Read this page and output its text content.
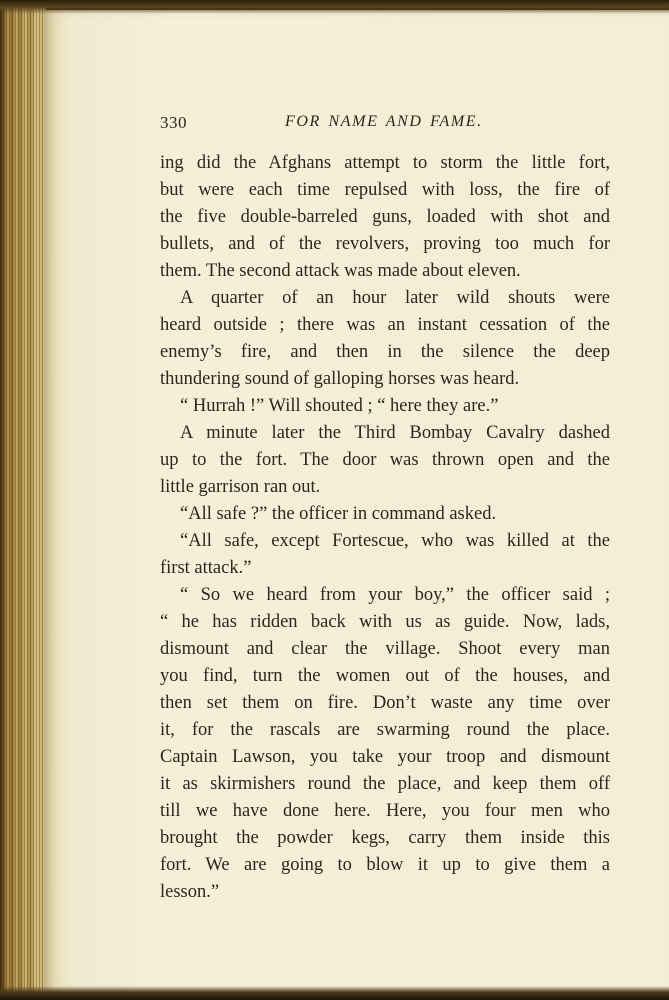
330	FOR NAME AND FAME.
ing did the Afghans attempt to storm the little fort,
but were each time repulsed with loss, the fire of
the five double-barreled guns, loaded with shot and
bullets, and of the revolvers, proving too much for
them. The second attack was made about eleven.
A quarter of an hour later wild shouts were
heard outside ; there was an instant cessation of the
enemy’s fire, and then in the silence the deep
thundering sound of galloping horses was heard.
“ Hurrah !” Will shouted ; “ here they are.”
A minute later the Third Bombay Cavalry dashed
up to the fort. The door was thrown open and the
little garrison ran out.
“All safe ?” the officer in command asked.
“All safe, except Fortescue, who was killed at the
first attack.”
“ So we heard from your boy,” the officer said ;
“ he has ridden back with us as guide. Now, lads,
dismount and clear the village. Shoot every man
you find, turn the women out of the houses, and
then set them on fire. Don’t waste any time over
it, for the rascals are swarming round the place.
Captain Lawson, you take your troop and dismount
it as skirmishers round the place, and keep them off
till we have done here. Here, you four men who
brought the powder kegs, carry them inside this
fort. We are going to blow it up to give them a
lesson.”
